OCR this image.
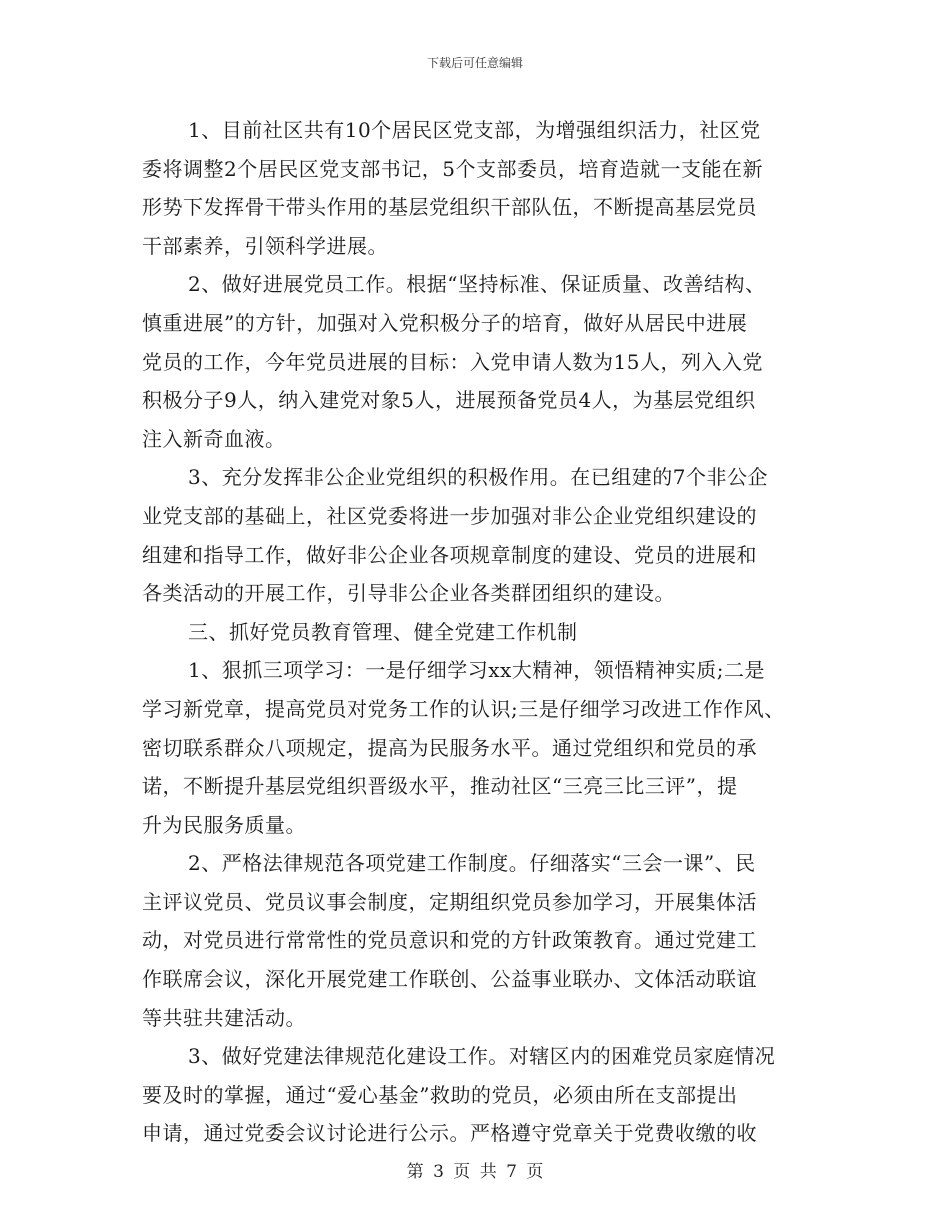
下载后可任意编辑
1、目前社区共有10个居民区党支部，为增强组织活力，社区党
委将调整2个居民区党支部书记，5个支部委员，培育造就一支能在新
形势下发挥骨干带头作用的基层党组织干部队伍，不断提高基层党员
干部素养，引领科学进展。
2、做好进展党员工作。根据“坚持标准、保证质量、改善结构、
慎重进展”的方针，加强对入党积极分子的培育，做好从居民中进展
党员的工作，今年党员进展的目标：入党申请人数为15人，列入入党
积极分子9人，纳入建党对象5人，进展预备党员4人，为基层党组织
注入新奇血液。
3、充分发挥非公企业党组织的积极作用。在已组建的7个非公企
业党支部的基础上，社区党委将进一步加强对非公企业党组织建设的
组建和指导工作，做好非公企业各项规章制度的建设、党员的进展和
各类活动的开展工作，引导非公企业各类群团组织的建设。
三、抓好党员教育管理、健全党建工作机制
1、狠抓三项学习：一是仔细学习xx大精神，领悟精神实质;二是
学习新党章，提高党员对党务工作的认识;三是仔细学习改进工作作风、
密切联系群众八项规定，提高为民服务水平。通过党组织和党员的承
诺，不断提升基层党组织晋级水平，推动社区“三亮三比三评”，提
升为民服务质量。
2、严格法律规范各项党建工作制度。仔细落实“三会一课”、民
主评议党员、党员议事会制度，定期组织党员参加学习，开展集体活
动，对党员进行常常性的党员意识和党的方针政策教育。通过党建工
作联席会议，深化开展党建工作联创、公益事业联办、文体活动联谊
等共驻共建活动。
3、做好党建法律规范化建设工作。对辖区内的困难党员家庭情况
要及时的掌握，通过“爱心基金”救助的党员，必须由所在支部提出
申请，通过党委会议讨论进行公示。严格遵守党章关于党费收缴的收
第 3 页 共 7 页
